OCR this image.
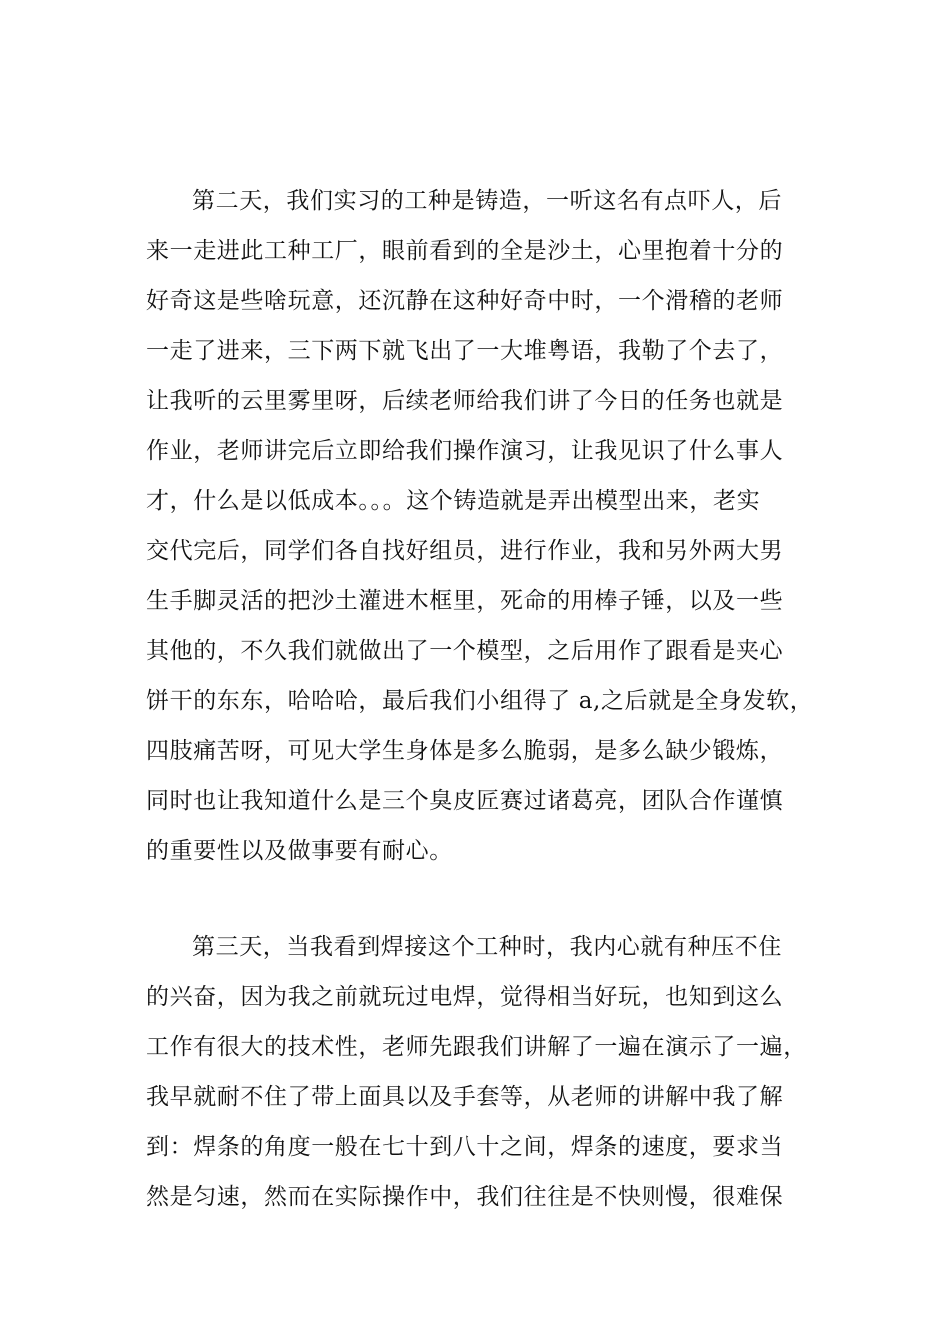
第二天，我们实习的工种是铸造，一听这名有点吓人，后
来一走进此工种工厂，眼前看到的全是沙土，心里抱着十分的
好奇这是些啥玩意，还沉静在这种好奇中时，一个滑稽的老师
一走了进来，三下两下就飞出了一大堆粤语，我勒了个去了，
让我听的云里雾里呀，后续老师给我们讲了今日的任务也就是
作业，老师讲完后立即给我们操作演习，让我见识了什么事人
才，什么是以低成本。。。这个铸造就是弄出模型出来，老实
交代完后，同学们各自找好组员，进行作业，我和另外两大男
生手脚灵活的把沙土灌进木框里，死命的用棒子锤，以及一些
其他的，不久我们就做出了一个模型，之后用作了跟看是夹心
饼干的东东，哈哈哈，最后我们小组得了 a,之后就是全身发软，
四肢痛苦呀，可见大学生身体是多么脆弱，是多么缺少锻炼，
同时也让我知道什么是三个臭皮匠赛过诸葛亮，团队合作谨慎
的重要性以及做事要有耐心。
第三天，当我看到焊接这个工种时，我内心就有种压不住
的兴奋，因为我之前就玩过电焊，觉得相当好玩，也知到这么
工作有很大的技术性，老师先跟我们讲解了一遍在演示了一遍，
我早就耐不住了带上面具以及手套等，从老师的讲解中我了解
到：焊条的角度一般在七十到八十之间，焊条的速度，要求当
然是匀速，然而在实际操作中，我们往往是不快则慢，很难保
